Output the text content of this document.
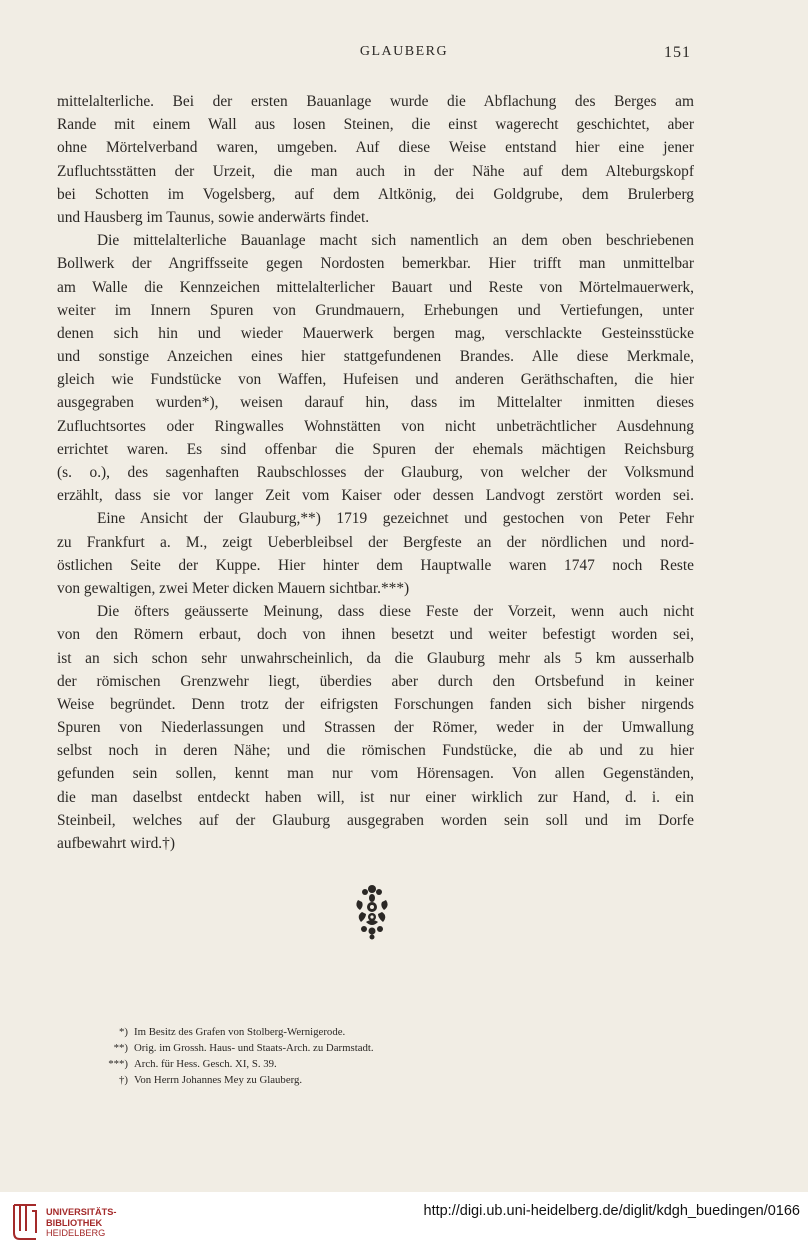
GLAUBERG	151
mittelalterliche. Bei der ersten Bauanlage wurde die Abflachung des Berges am
Rande mit einem Wall aus losen Steinen, die einst wagerecht geschichtet, aber
ohne Mörtelverband waren, umgeben. Auf diese Weise entstand hier eine jener
Zufluchtsstätten der Urzeit, die man auch in der Nähe auf dem Alteburgskopf
bei Schotten im Vogelsberg, auf dem Altkönig, dei Goldgrube, dem Brulerberg
und Hausberg im Taunus, sowie anderwärts findet.
Die mittelalterliche Bauanlage macht sich namentlich an dem oben beschriebenen
Bollwerk der Angriffsseite gegen Nordosten bemerkbar. Hier trifft man unmittelbar
am Walle die Kennzeichen mittelalterlicher Bauart und Reste von Mörtelmauerwerk,
weiter im Innern Spuren von Grundmauern, Erhebungen und Vertiefungen, unter
denen sich hin und wieder Mauerwerk bergen mag, verschlackte Gesteinsstücke
und sonstige Anzeichen eines hier stattgefundenen Brandes. Alle diese Merkmale,
gleich wie Fundstücke von Waffen, Hufeisen und anderen Geräthschaften, die hier
ausgegraben wurden*), weisen darauf hin, dass im Mittelalter inmitten dieses
Zufluchtsortes oder Ringwalles Wohnstätten von nicht unbeträchtlicher Ausdehnung
errichtet waren. Es sind offenbar die Spuren der ehemals mächtigen Reichsburg
(s. o.), des sagenhaften Raubschlosses der Glauburg, von welcher der Volksmund
erzählt, dass sie vor langer Zeit vom Kaiser oder dessen Landvogt zerstört worden sei.
Eine Ansicht der Glauburg,**) 1719 gezeichnet und gestochen von Peter Fehr
zu Frankfurt a. M., zeigt Ueberbleibsel der Bergfeste an der nördlichen und nord-
östlichen Seite der Kuppe. Hier hinter dem Hauptwalle waren 1747 noch Reste
von gewaltigen, zwei Meter dicken Mauern sichtbar.***)
Die öfters geäusserte Meinung, dass diese Feste der Vorzeit, wenn auch nicht
von den Römern erbaut, doch von ihnen besetzt und weiter befestigt worden sei,
ist an sich schon sehr unwahrscheinlich, da die Glauburg mehr als 5 km ausserhalb
der römischen Grenzwehr liegt, überdies aber durch den Ortsbefund in keiner
Weise begründet. Denn trotz der eifrigsten Forschungen fanden sich bisher nirgends
Spuren von Niederlassungen und Strassen der Römer, weder in der Umwallung
selbst noch in deren Nähe; und die römischen Fundstücke, die ab und zu hier
gefunden sein sollen, kennt man nur vom Hörensagen. Von allen Gegenständen,
die man daselbst entdeckt haben will, ist nur einer wirklich zur Hand, d. i. ein
Steinbeil, welches auf der Glauburg ausgegraben worden sein soll und im Dorfe
aufbewahrt wird.†)
*) Im Besitz des Grafen von Stolberg-Wernigerode.
**) Orig. im Grossh. Haus- und Staats-Arch. zu Darmstadt.
***) Arch. für Hess. Gesch. XI, S. 39.
†) Von Herrn Johannes Mey zu Glauberg.
UNIVERSITÄTS-
BIBLIOTHEK
HEIDELBERG
http://digi.ub.uni-heidelberg.de/diglit/kdgh_buedingen/0166
